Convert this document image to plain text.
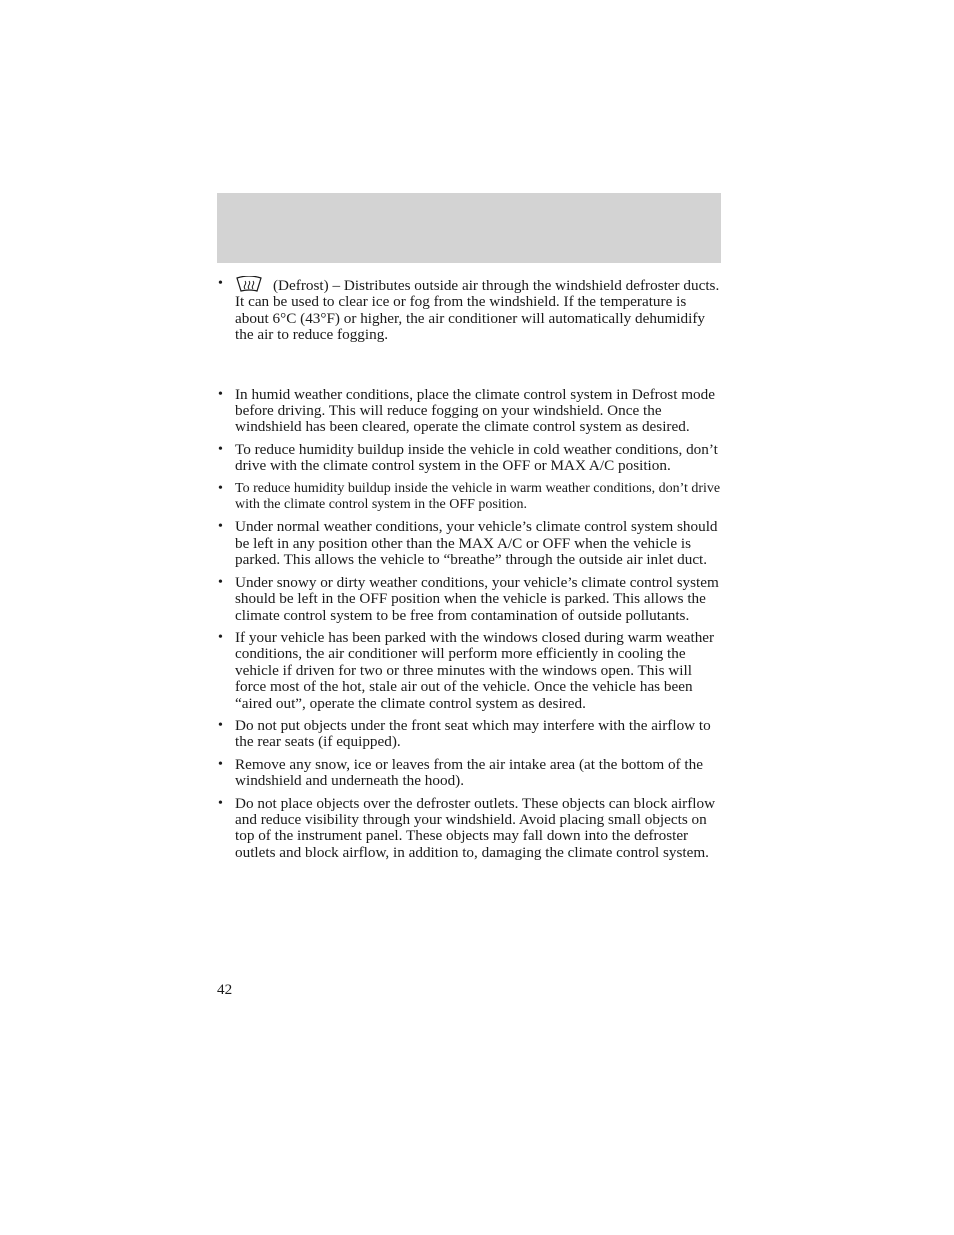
•	(Defrost) – Distributes outside air through the windshield defroster ducts. It can be used to clear ice or fog from the windshield. If the temperature is about 6°C (43°F) or higher, the air conditioner will automatically dehumidify the air to reduce fogging.
• In humid weather conditions, place the climate control system in Defrost mode before driving. This will reduce fogging on your windshield. Once the windshield has been cleared, operate the climate control system as desired.
• To reduce humidity buildup inside the vehicle in cold weather conditions, don’t drive with the climate control system in the OFF or MAX A/C position.
• To reduce humidity buildup inside the vehicle in warm weather conditions, don’t drive with the climate control system in the OFF position.
• Under normal weather conditions, your vehicle’s climate control system should be left in any position other than the MAX A/C or OFF when the vehicle is parked. This allows the vehicle to “breathe” through the outside air inlet duct.
• Under snowy or dirty weather conditions, your vehicle’s climate control system should be left in the OFF position when the vehicle is parked. This allows the climate control system to be free from contamination of outside pollutants.
• If your vehicle has been parked with the windows closed during warm weather conditions, the air conditioner will perform more efficiently in cooling the vehicle if driven for two or three minutes with the windows open. This will force most of the hot, stale air out of the vehicle. Once the vehicle has been “aired out”, operate the climate control system as desired.
• Do not put objects under the front seat which may interfere with the airflow to the rear seats (if equipped).
• Remove any snow, ice or leaves from the air intake area (at the bottom of the windshield and underneath the hood).
• Do not place objects over the defroster outlets. These objects can block airflow and reduce visibility through your windshield. Avoid placing small objects on top of the instrument panel. These objects may fall down into the defroster outlets and block airflow, in addition to, damaging the climate control system.
42
